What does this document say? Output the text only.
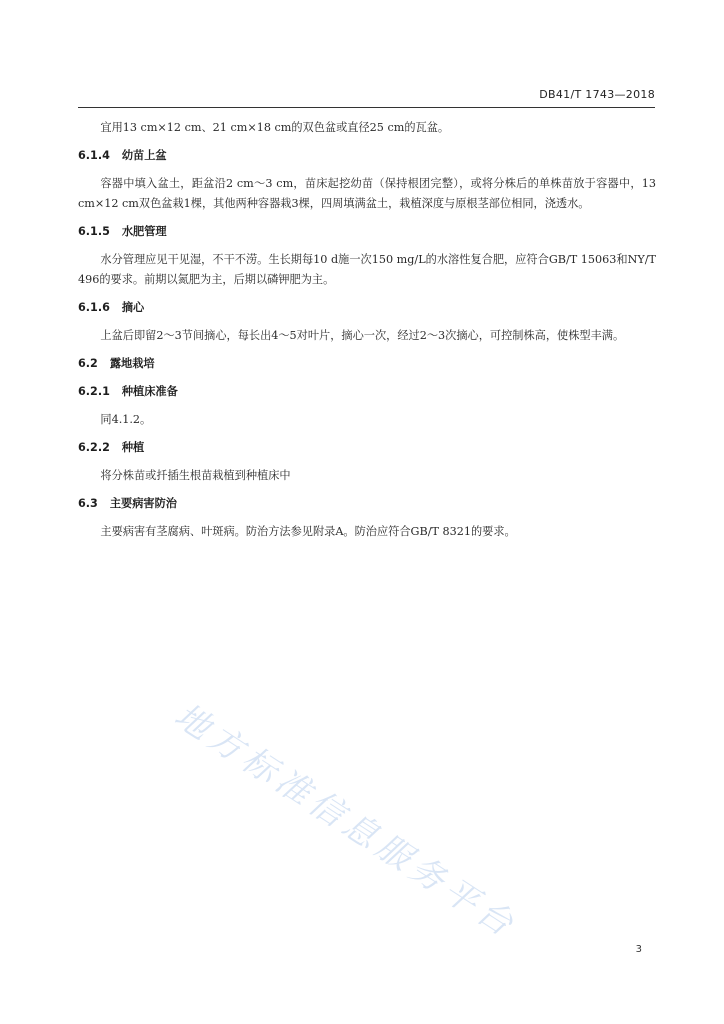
DB41/T 1743—2018

宜用13 cm×12 cm、21 cm×18 cm的双色盆或直径25 cm的瓦盆。

6.1.4 幼苗上盆

容器中填入盆土，距盆沿2 cm～3 cm，苗床起挖幼苗（保持根团完整），或将分株后的单株苗放于容器中，13 cm×12 cm双色盆栽1棵，其他两种容器栽3棵，四周填满盆土，栽植深度与原根茎部位相同，浇透水。

6.1.5 水肥管理

水分管理应见干见湿，不干不涝。生长期每10 d施一次150 mg/L的水溶性复合肥，应符合GB/T 15063和NY/T 496的要求。前期以氮肥为主，后期以磷钾肥为主。

6.1.6 摘心

上盆后即留2～3节间摘心，每长出4～5对叶片，摘心一次，经过2～3次摘心，可控制株高，使株型丰满。

6.2 露地栽培
6.2.1 种植床准备

同4.1.2。

6.2.2 种植

将分株苗或扦插生根苗栽植到种植床中

6.3 主要病害防治

主要病害有茎腐病、叶斑病。防治方法参见附录A。防治应符合GB/T 8321的要求。

地方标准信息服务平台
3
